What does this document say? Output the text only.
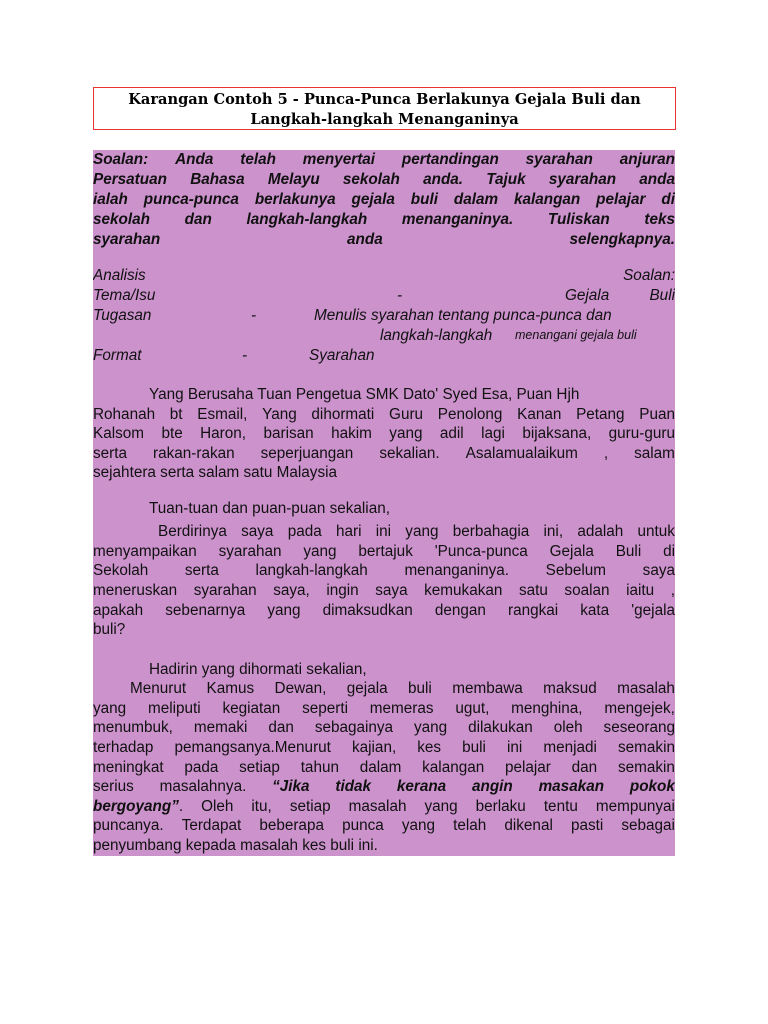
Karangan Contoh 5 - Punca-Punca Berlakunya Gejala Buli dan
Langkah-langkah Menanganinya
Soalan: Anda telah menyertai pertandingan syarahan anjuran
Persatuan Bahasa Melayu sekolah anda. Tajuk syarahan anda
ialah punca-punca berlakunya gejala buli dalam kalangan pelajar di
sekolah dan langkah-langkah menanganinya. Tuliskan teks
syarahan	anda	selengkapnya.
Analisis	Soalan:
Tema/Isu	-	Gejala	Buli
Tugasan	-	Menulis syarahan tentang punca-punca dan
langkah-langkah menangani gejala buli
Format	-	Syarahan
Yang Berusaha Tuan Pengetua SMK Dato' Syed Esa, Puan Hjh
Rohanah bt Esmail, Yang dihormati Guru Penolong Kanan Petang Puan
Kalsom bte Haron, barisan hakim yang adil lagi bijaksana, guru-guru
serta rakan-rakan seperjuangan sekalian. Asalamualaikum , salam
sejahtera serta salam satu Malaysia
Tuan-tuan dan puan-puan sekalian,
Berdirinya saya pada hari ini yang berbahagia ini, adalah untuk
menyampaikan syarahan yang bertajuk 'Punca-punca Gejala Buli di
Sekolah serta langkah-langkah menanganinya. Sebelum saya
meneruskan syarahan saya, ingin saya kemukakan satu soalan iaitu ,
apakah sebenarnya yang dimaksudkan dengan rangkai kata 'gejala
buli?
Hadirin yang dihormati sekalian,
Menurut Kamus Dewan, gejala buli membawa maksud masalah
yang meliputi kegiatan seperti memeras ugut, menghina, mengejek,
menumbuk, memaki dan sebagainya yang dilakukan oleh seseorang
terhadap pemangsanya.Menurut kajian, kes buli ini menjadi semakin
meningkat pada setiap tahun dalam kalangan pelajar dan semakin
serius masalahnya. “Jika tidak kerana angin masakan pokok
bergoyang”. Oleh itu, setiap masalah yang berlaku tentu mempunyai
puncanya. Terdapat beberapa punca yang telah dikenal pasti sebagai
penyumbang kepada masalah kes buli ini.
